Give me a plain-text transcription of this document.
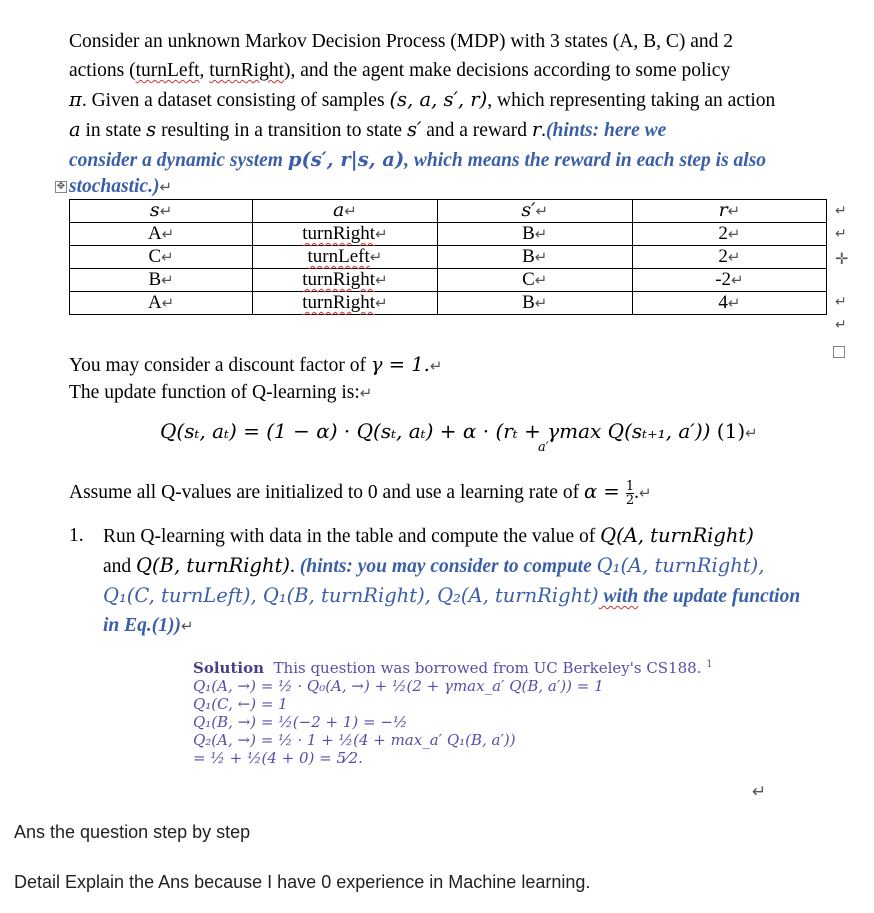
Consider an unknown Markov Decision Process (MDP) with 3 states (A, B, C) and 2
actions (turnLeft, turnRight), and the agent make decisions according to some policy
π. Given a dataset consisting of samples (s, a, s′, r), which representing taking an action
a in state s resulting in a transition to state s′ and a reward r.(hints: here we
consider a dynamic system p(s′, r|s, a), which means the reward in each step is also
✥ stochastic.)↵
s↵	a↵	s′↵	r↵
A↵	turnRight↵	B↵	2↵
C↵	turnLeft↵	B↵	2↵
B↵	turnRight↵	C↵	-2↵
A↵	turnRight↵	B↵	4↵
↵
↵
✛
↵
↵
You may consider a discount factor of γ = 1.↵
The update function of Q-learning is:↵
Q(sₜ, aₜ) = (1 − α) · Q(sₜ, aₜ) + α · (rₜ + γmax Q(sₜ₊₁, a′)) (1)↵
a′
Assume all Q-values are initialized to 0 and use a learning rate of $\alpha = \frac{1}{2}$ .↵
1. Run Q-learning with data in the table and compute the value of Q(A, turnRight)
and Q(B, turnRight). (hints: you may consider to compute Q₁(A, turnRight),
Q₁(C, turnLeft), Q₁(B, turnRight), Q₂(A, turnRight) with the update function
in Eq.(1))↵
Solution This question was borrowed from UC Berkeley's CS188. $^1$
Q₁(A, →) = ½ · Q₀(A, →) + ½(2 + γmax_a′ Q(B, a′)) = 1
Q₁(C, ←) = 1
Q₁(B, →) = ½(−2 + 1) = −½
Q₂(A, →) = ½ · 1 + ½(4 + max_a′ Q₁(B, a′))
= ½ + ½(4 + 0) = 5⁄2.
↵
Ans the question step by step
Detail Explain the Ans because I have 0 experience in Machine learning.
